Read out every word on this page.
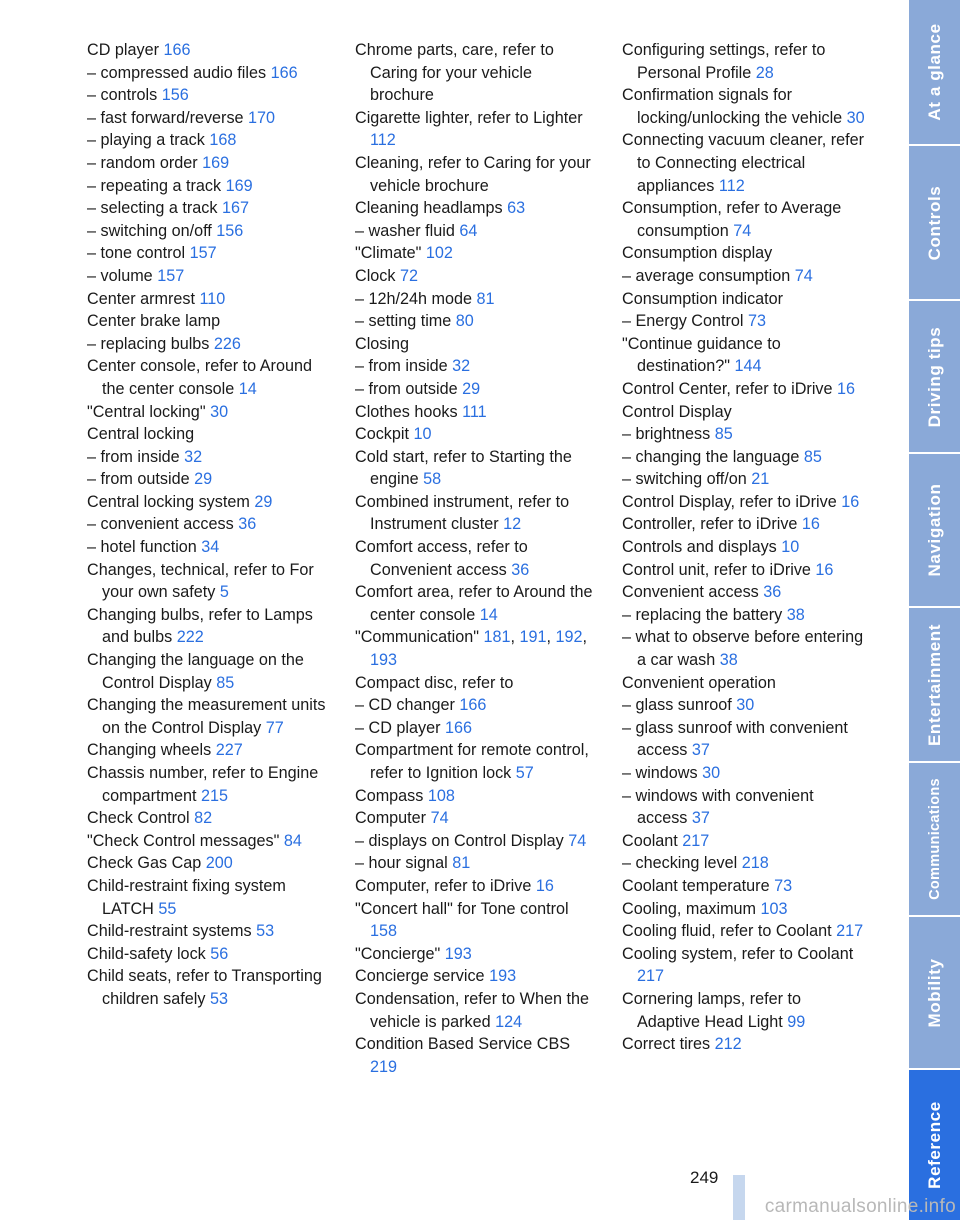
CD player 166
– compressed audio files 166
– controls 156
– fast forward/reverse 170
– playing a track 168
– random order 169
– repeating a track 169
– selecting a track 167
– switching on/off 156
– tone control 157
– volume 157
Center armrest 110
Center brake lamp
– replacing bulbs 226
Center console, refer to Around the center console 14
"Central locking" 30
Central locking
– from inside 32
– from outside 29
Central locking system 29
– convenient access 36
– hotel function 34
Changes, technical, refer to For your own safety 5
Changing bulbs, refer to Lamps and bulbs 222
Changing the language on the Control Display 85
Changing the measurement units on the Control Display 77
Changing wheels 227
Chassis number, refer to Engine compartment 215
Check Control 82
"Check Control messages" 84
Check Gas Cap 200
Child-restraint fixing system LATCH 55
Child-restraint systems 53
Child-safety lock 56
Child seats, refer to Transporting children safely 53
Chrome parts, care, refer to Caring for your vehicle brochure
Cigarette lighter, refer to Lighter 112
Cleaning, refer to Caring for your vehicle brochure
Cleaning headlamps 63
– washer fluid 64
"Climate" 102
Clock 72
– 12h/24h mode 81
– setting time 80
Closing
– from inside 32
– from outside 29
Clothes hooks 111
Cockpit 10
Cold start, refer to Starting the engine 58
Combined instrument, refer to Instrument cluster 12
Comfort access, refer to Convenient access 36
Comfort area, refer to Around the center console 14
"Communication" 181, 191, 192, 193
Compact disc, refer to
– CD changer 166
– CD player 166
Compartment for remote control, refer to Ignition lock 57
Compass 108
Computer 74
– displays on Control Display 74
– hour signal 81
Computer, refer to iDrive 16
"Concert hall" for Tone control 158
"Concierge" 193
Concierge service 193
Condensation, refer to When the vehicle is parked 124
Condition Based Service CBS 219
Configuring settings, refer to Personal Profile 28
Confirmation signals for locking/unlocking the vehicle 30
Connecting vacuum cleaner, refer to Connecting electrical appliances 112
Consumption, refer to Average consumption 74
Consumption display
– average consumption 74
Consumption indicator
– Energy Control 73
"Continue guidance to destination?" 144
Control Center, refer to iDrive 16
Control Display
– brightness 85
– changing the language 85
– switching off/on 21
Control Display, refer to iDrive 16
Controller, refer to iDrive 16
Controls and displays 10
Control unit, refer to iDrive 16
Convenient access 36
– replacing the battery 38
– what to observe before entering a car wash 38
Convenient operation
– glass sunroof 30
– glass sunroof with convenient access 37
– windows 30
– windows with convenient access 37
Coolant 217
– checking level 218
Coolant temperature 73
Cooling, maximum 103
Cooling fluid, refer to Coolant 217
Cooling system, refer to Coolant 217
Cornering lamps, refer to Adaptive Head Light 99
Correct tires 212
At a glance
Controls
Driving tips
Navigation
Entertainment
Communications
Mobility
Reference
249
carmanualsonline.info
